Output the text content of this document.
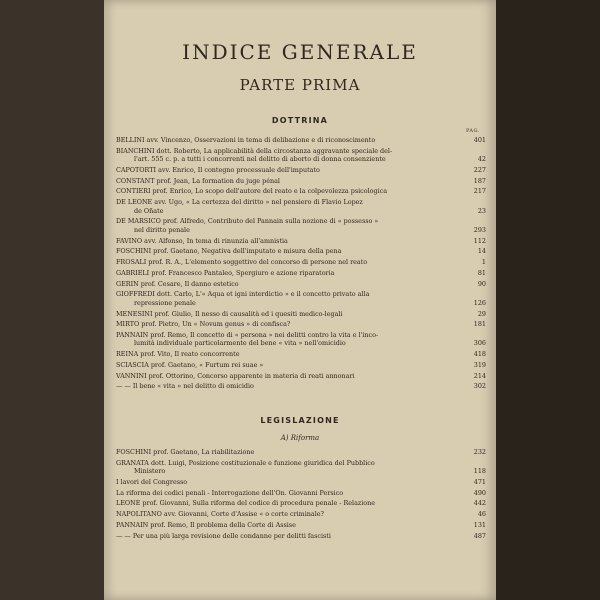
INDICE GENERALE
PARTE PRIMA
DOTTRINA
PAG.
BELLINI avv. Vincenzo, Osservazioni in tema di delibazione e di riconoscimento	401
BIANCHINI dott. Roberto, La applicabilità della circostanza aggravante speciale del-
l'art. 555 c. p. a tutti i concorrenti nel delitto di aborto di donna consenziente	42
CAPOTORTI avv. Enrico, Il contegno processuale dell'imputato	227
CONSTANT prof. Jean, La formation du juge pénal	187
CONTIERI prof. Enrico, Lo scopo dell'autore del reato e la colpevolezza psicologica	217
DE LEONE avv. Ugo, « La certezza del diritto » nel pensiero di Flavio Lopez
de Oñate	23
DE MARSICO prof. Alfredo, Contributo del Pannain sulla nozione di « possesso »
nel diritto penale	293
FAVINO avv. Alfonso, In tema di rinunzia all'amnistia	112
FOSCHINI prof. Gaetano, Negativa dell'imputato e misura della pena	14
FROSALI prof. R. A., L'elemento soggettivo del concorso di persone nel reato	1
GABRIELI prof. Francesco Pantaleo, Spergiuro e azione riparatoria	81
GERIN prof. Cesare, Il danno estetico	90
GIOFFREDI dott. Carlo, L'« Aqua et igni interdictio » e il concetto privato alla
repressione penale	126
MENESINI prof. Giulio, Il nesso di causalità ed i quesiti medico-legali	29
MIRTO prof. Pietro, Un « Novum genus » di confisca?	181
PANNAIN prof. Remo, Il concetto di « persona » nei delitti contro la vita e l'inco-
lumità individuale particolarmente del bene « vita » nell'omicidio	306
REINA prof. Vito, Il reato concorrente	418
SCIASCIA prof. Gaetano, « Furtum rei suae »	319
VANNINI prof. Ottorino, Concorso apparente in materia di reati annonari	214
— — Il bene « vita » nel delitto di omicidio	302
LEGISLAZIONE
A) Riforma
FOSCHINI prof. Gaetano, La riabilitazione	232
GRANATA dott. Luigi, Posizione costituzionale e funzione giuridica del Pubblico
Ministero	118
I lavori del Congresso	471
La riforma dei codici penali - Interrogazione dell'On. Giovanni Persico	490
LEONE prof. Giovanni, Sulla riforma del codice di procedura penale - Relazione	442
NAPOLITANO avv. Giovanni, Corte d'Assise « o corte criminale?	46
PANNAIN prof. Remo, Il problema della Corte di Assise	131
— — Per una più larga revisione delle condanne per delitti fascisti	487
